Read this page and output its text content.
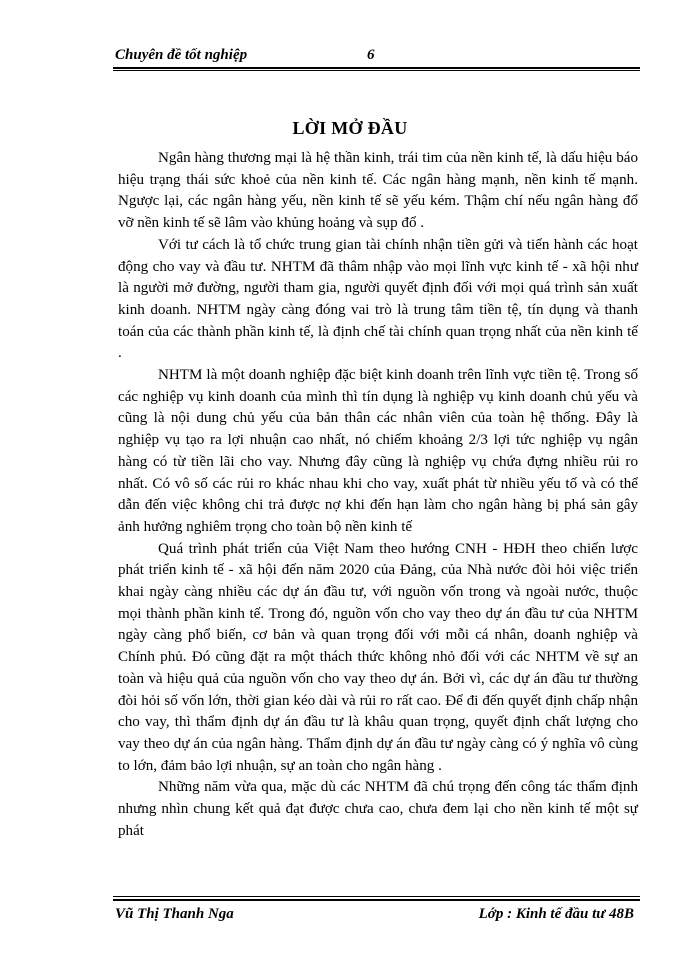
Chuyên đề tốt nghiệp	6
LỜI MỞ ĐẦU

Ngân hàng thương mại là hệ thần kinh, trái tim của nền kinh tế, là dấu hiệu báo hiệu trạng thái sức khoẻ của nền kinh tế. Các ngân hàng mạnh, nền kinh tế mạnh. Ngược lại, các ngân hàng yếu, nền kinh tế sẽ yếu kém. Thậm chí nếu ngân hàng đổ vỡ nền kinh tế sẽ lâm vào khủng hoảng và sụp đổ .

Với tư cách là tổ chức trung gian tài chính nhận tiền gửi và tiến hành các hoạt động cho vay và đầu tư. NHTM đã thâm nhập vào mọi lĩnh vực kinh tế - xã hội như là người mở đường, người tham gia, người quyết định đối với mọi quá trình sản xuất kinh doanh. NHTM ngày càng đóng vai trò là trung tâm tiền tệ, tín dụng và thanh toán của các thành phần kinh tế, là định chế tài chính quan trọng nhất của nền kinh tế .

NHTM là một doanh nghiệp đặc biệt kinh doanh trên lĩnh vực tiền tệ. Trong số các nghiệp vụ kinh doanh của mình thì tín dụng là nghiệp vụ kinh doanh chủ yếu và cũng là nội dung chủ yếu của bản thân các nhân viên của toàn hệ thống. Đây là nghiệp vụ tạo ra lợi nhuận cao nhất, nó chiếm khoảng 2/3 lợi tức nghiệp vụ ngân hàng có từ tiền lãi cho vay. Nhưng đây cũng là nghiệp vụ chứa đựng nhiều rủi ro nhất. Có vô số các rủi ro khác nhau khi cho vay, xuất phát từ nhiều yếu tố và có thể dẫn đến việc không chi trả được nợ khi đến hạn làm cho ngân hàng bị phá sản gây ảnh hưởng nghiêm trọng cho toàn bộ nền kinh tế

Quá trình phát triển của Việt Nam theo hướng CNH - HĐH theo chiến lược phát triển kinh tế - xã hội đến năm 2020 của Đảng, của Nhà nước đòi hỏi việc triển khai ngày càng nhiều các dự án đầu tư, với nguồn vốn trong và ngoài nước, thuộc mọi thành phần kinh tế. Trong đó, nguồn vốn cho vay theo dự án đầu tư của NHTM ngày càng phổ biến, cơ bản và quan trọng đối với mỗi cá nhân, doanh nghiệp và Chính phủ. Đó cũng đặt ra một thách thức không nhỏ đối với các NHTM về sự an toàn và hiệu quả của nguồn vốn cho vay theo dự án. Bởi vì, các dự án đầu tư thường đòi hỏi số vốn lớn, thời gian kéo dài và rủi ro rất cao. Để đi đến quyết định chấp nhận cho vay, thì thẩm định dự án đầu tư là khâu quan trọng, quyết định chất lượng cho vay theo dự án của ngân hàng. Thẩm định dự án đầu tư ngày càng có ý nghĩa vô cùng to lớn, đảm bảo lợi nhuận, sự an toàn cho ngân hàng .

Những năm vừa qua, mặc dù các NHTM đã chú trọng đến công tác thẩm định nhưng nhìn chung kết quả đạt được chưa cao, chưa đem lại cho nền kinh tế một sự phát

Vũ Thị Thanh Nga	Lớp : Kinh tế đầu tư 48B
